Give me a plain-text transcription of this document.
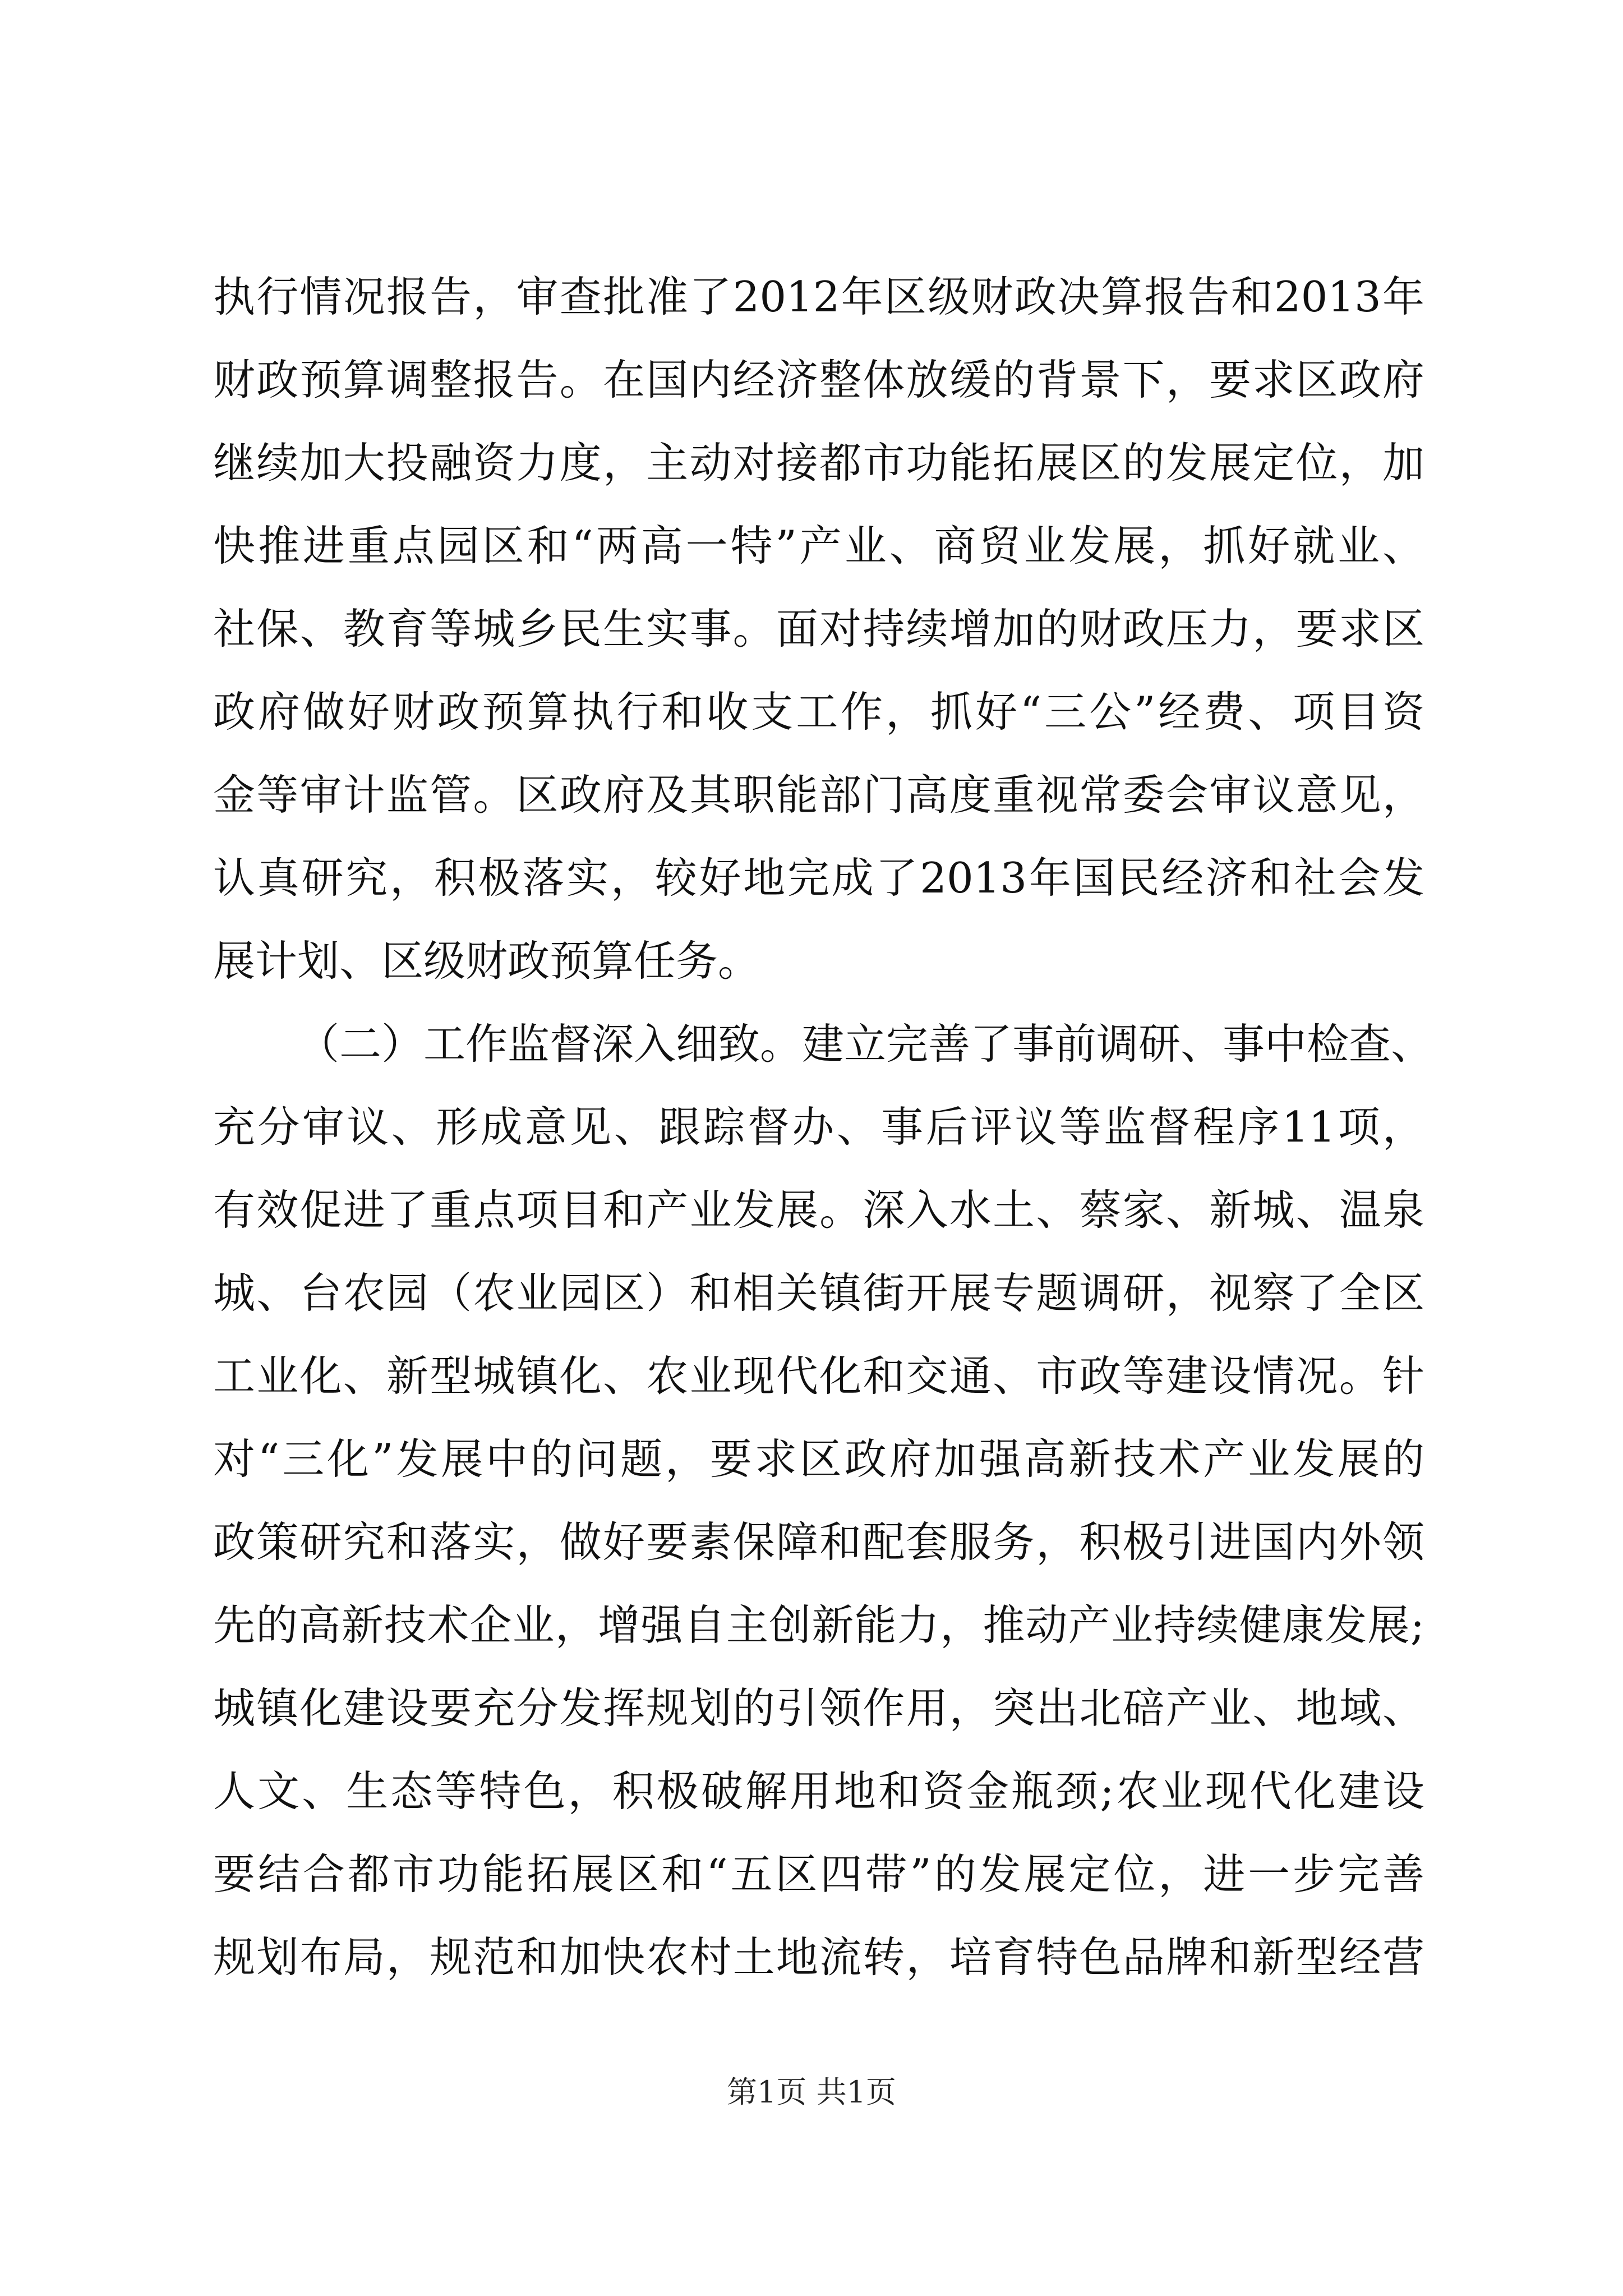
执行情况报告，审查批准了2012年区级财政决算报告和2013年
财政预算调整报告。在国内经济整体放缓的背景下，要求区政府
继续加大投融资力度，主动对接都市功能拓展区的发展定位，加
快推进重点园区和“两高一特”产业、商贸业发展，抓好就业、
社保、教育等城乡民生实事。面对持续增加的财政压力，要求区
政府做好财政预算执行和收支工作，抓好“三公”经费、项目资
金等审计监管。区政府及其职能部门高度重视常委会审议意见，
认真研究，积极落实，较好地完成了2013年国民经济和社会发
展计划、区级财政预算任务。
（二）工作监督深入细致。建立完善了事前调研、事中检查、
充分审议、形成意见、跟踪督办、事后评议等监督程序11项，
有效促进了重点项目和产业发展。深入水土、蔡家、新城、温泉
城、台农园（农业园区）和相关镇街开展专题调研，视察了全区
工业化、新型城镇化、农业现代化和交通、市政等建设情况。针
对“三化”发展中的问题，要求区政府加强高新技术产业发展的
政策研究和落实，做好要素保障和配套服务，积极引进国内外领
先的高新技术企业，增强自主创新能力，推动产业持续健康发展;
城镇化建设要充分发挥规划的引领作用，突出北碚产业、地域、
人文、生态等特色，积极破解用地和资金瓶颈;农业现代化建设
要结合都市功能拓展区和“五区四带”的发展定位，进一步完善
规划布局，规范和加快农村土地流转，培育特色品牌和新型经营
第1页 共1页
